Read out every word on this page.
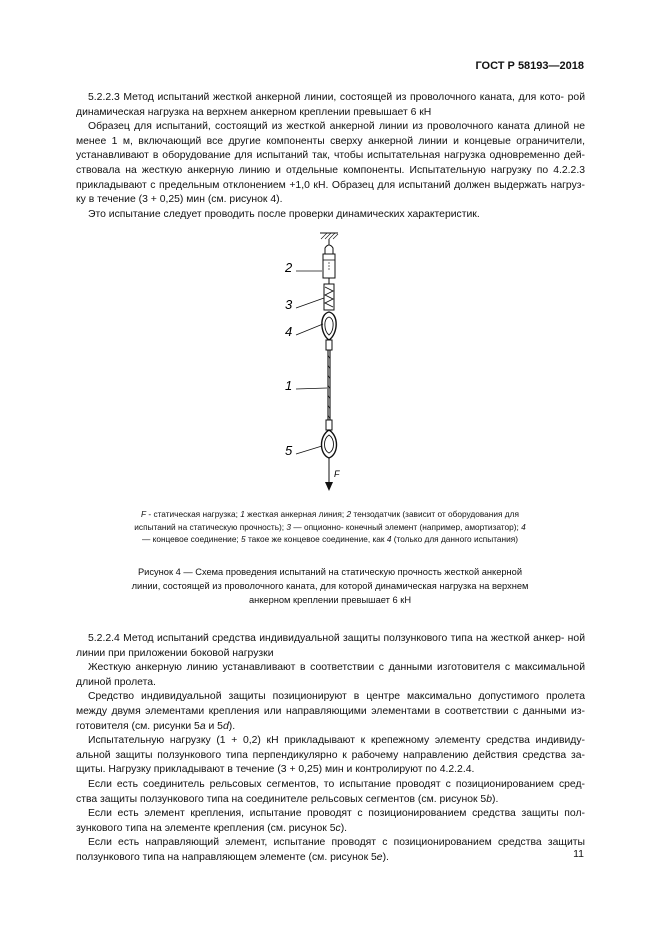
ГОСТ Р 58193—2018

5.2.2.3 Метод испытаний жесткой анкерной линии, состоящей из проволочного каната, для кото- рой динамическая нагрузка на верхнем анкерном креплении превышает 6 кН

Образец для испытаний, состоящий из жесткой анкерной линии из проволочного каната длиной не менее 1 м, включающий все другие компоненты сверху анкерной линии и концевые ограничители, устанавливают в оборудование для испытаний так, чтобы испытательная нагрузка одновременно дей- ствовала на жесткую анкерную линию и отдельные компоненты. Испытательную нагрузку по 4.2.2.3 прикладывают с предельным отклонением +1,0 кН. Образец для испытаний должен выдержать нагруз- ку в течение (3 + 0,25) мин (см. рисунок 4).

Это испытание следует проводить после проверки динамических характеристик.

2
3
4
1
5
F
F - статическая нагрузка; 1 жесткая анкерная линия; 2 тензодатчик (зависит от оборудования для испытаний на статическую прочность); 3 — опционно- конечный элемент (например, амортизатор); 4 — концевое соединение; 5 такое же концевое соединение, как 4 (только для данного испытания)
Рисунок 4 — Схема проведения испытаний на статическую прочность жесткой анкерной линии, состоящей из проволочного каната, для которой динамическая нагрузка на верхнем анкерном креплении превышает 6 кН

5.2.2.4 Метод испытаний средства индивидуальной защиты ползункового типа на жесткой анкер- ной линии при приложении боковой нагрузки

Жесткую анкерную линию устанавливают в соответствии с данными изготовителя с максимальной длиной пролета.

Средство индивидуальной защиты позиционируют в центре максимально допустимого пролета между двумя элементами крепления или направляющими элементами в соответствии с данными из- готовителя (см. рисунки 5a и 5d).

Испытательную нагрузку (1 + 0,2) кН прикладывают к крепежному элементу средства индивиду- альной защиты ползункового типа перпендикулярно к рабочему направлению действия средства за- щиты. Нагрузку прикладывают в течение (3 + 0,25) мин и контролируют по 4.2.2.4.

Если есть соединитель рельсовых сегментов, то испытание проводят с позиционированием сред- ства защиты ползункового типа на соединителе рельсовых сегментов (см. рисунок 5b).

Если есть элемент крепления, испытание проводят с позиционированием средства защиты пол- зункового типа на элементе крепления (см. рисунок 5c).

Если есть направляющий элемент, испытание проводят с позиционированием средства защиты ползункового типа на направляющем элементе (см. рисунок 5e).	11
